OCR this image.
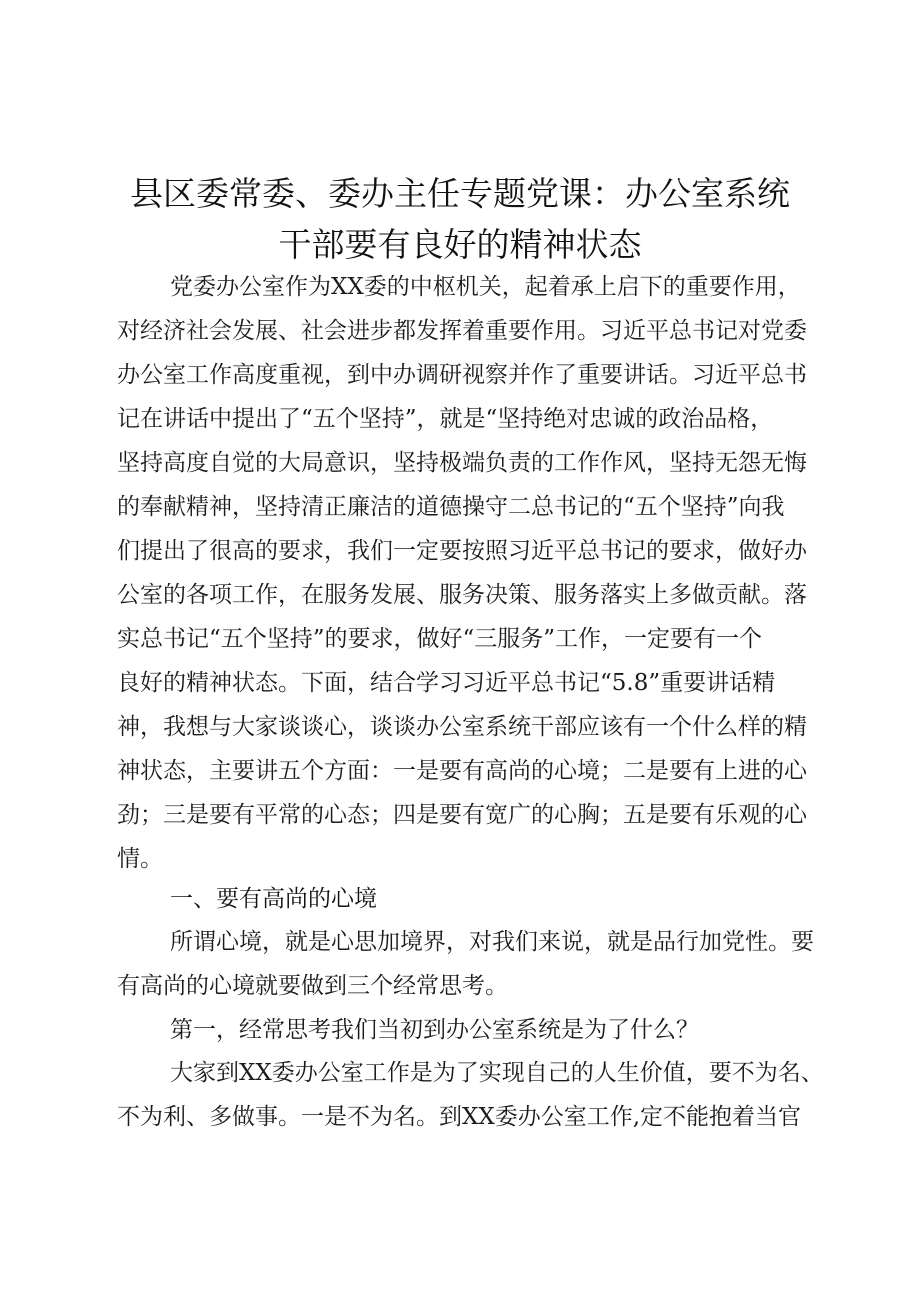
县区委常委、委办主任专题党课：办公室系统
干部要有良好的精神状态
党委办公室作为XX委的中枢机关，起着承上启下的重要作用，
对经济社会发展、社会进步都发挥着重要作用。习近平总书记对党委
办公室工作高度重视，到中办调研视察并作了重要讲话。习近平总书
记在讲话中提出了“五个坚持”，就是“坚持绝对忠诚的政治品格，
坚持高度自觉的大局意识，坚持极端负责的工作作风，坚持无怨无悔
的奉献精神，坚持清正廉洁的道德操守二总书记的“五个坚持”向我
们提出了很高的要求，我们一定要按照习近平总书记的要求，做好办
公室的各项工作，在服务发展、服务决策、服务落实上多做贡献。落
实总书记“五个坚持”的要求，做好“三服务”工作，一定要有一个
良好的精神状态。下面，结合学习习近平总书记“5.8”重要讲话精
神，我想与大家谈谈心，谈谈办公室系统干部应该有一个什么样的精
神状态，主要讲五个方面：一是要有高尚的心境；二是要有上进的心
劲；三是要有平常的心态；四是要有宽广的心胸；五是要有乐观的心
情。
一、要有高尚的心境
所谓心境，就是心思加境界，对我们来说，就是品行加党性。要
有高尚的心境就要做到三个经常思考。
第一，经常思考我们当初到办公室系统是为了什么？
大家到XX委办公室工作是为了实现自己的人生价值，要不为名、
不为利、多做事。一是不为名。到XX委办公室工作,定不能抱着当官
